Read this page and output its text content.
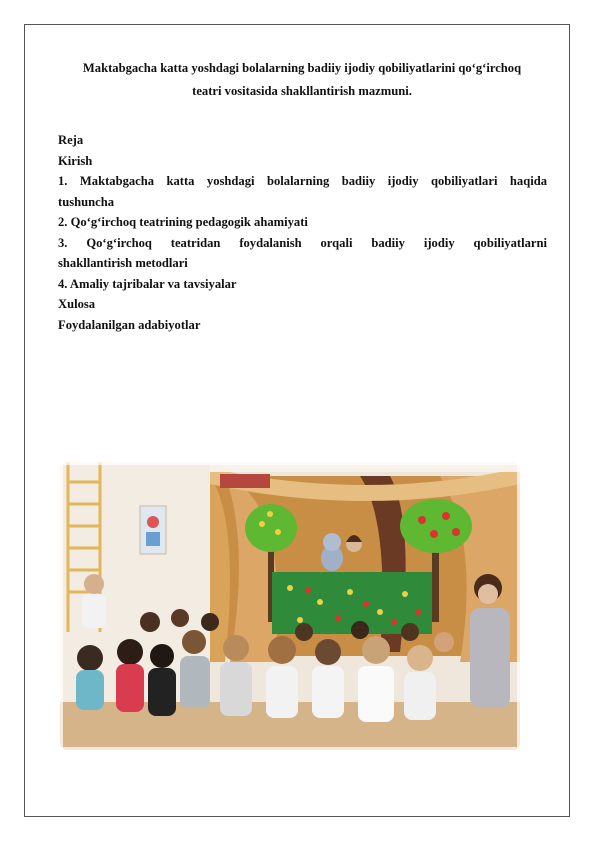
Maktabgacha katta yoshdagi bolalarning badiiy ijodiy qobiliyatlarini qo‘g‘irchoq
teatri vositasida shakllantirish mazmuni.
Reja
Kirish
1. Maktabgacha katta yoshdagi bolalarning badiiy ijodiy qobiliyatlari haqida
tushuncha
2. Qo‘g‘irchoq teatrining pedagogik ahamiyati
3. Qo‘g‘irchoq teatridan foydalanish orqali badiiy ijodiy qobiliyatlarni
shakllantirish metodlari
4. Amaliy tajribalar va tavsiyalar
Xulosa
Foydalanilgan adabiyotlar
